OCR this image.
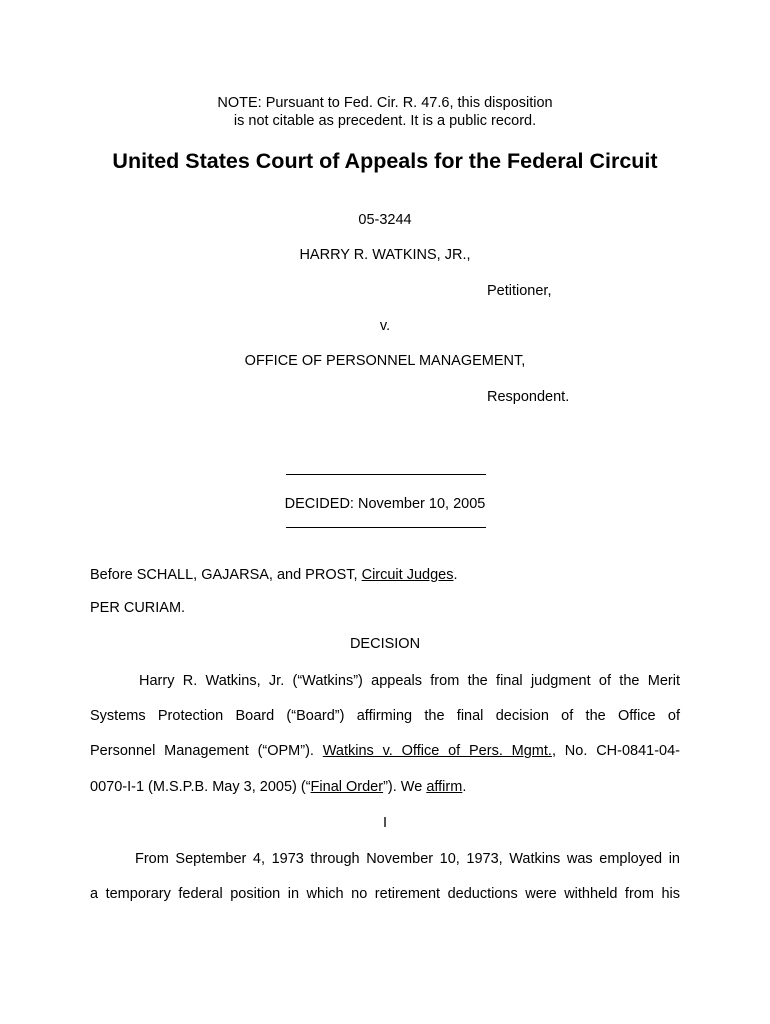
NOTE: Pursuant to Fed. Cir. R. 47.6, this disposition
is not citable as precedent. It is a public record.
United States Court of Appeals for the Federal Circuit
05-3244
HARRY R. WATKINS, JR.,
Petitioner,
v.
OFFICE OF PERSONNEL MANAGEMENT,
Respondent.
DECIDED: November 10, 2005
Before SCHALL, GAJARSA, and PROST, Circuit Judges.
PER CURIAM.
DECISION
Harry R. Watkins, Jr. (“Watkins”) appeals from the final judgment of the Merit
Systems Protection Board (“Board”) affirming the final decision of the Office of
Personnel Management (“OPM”). Watkins v. Office of Pers. Mgmt., No. CH-0841-04-
0070-I-1 (M.S.P.B. May 3, 2005) (“Final Order”). We affirm.
I
From September 4, 1973 through November 10, 1973, Watkins was employed in
a temporary federal position in which no retirement deductions were withheld from his
